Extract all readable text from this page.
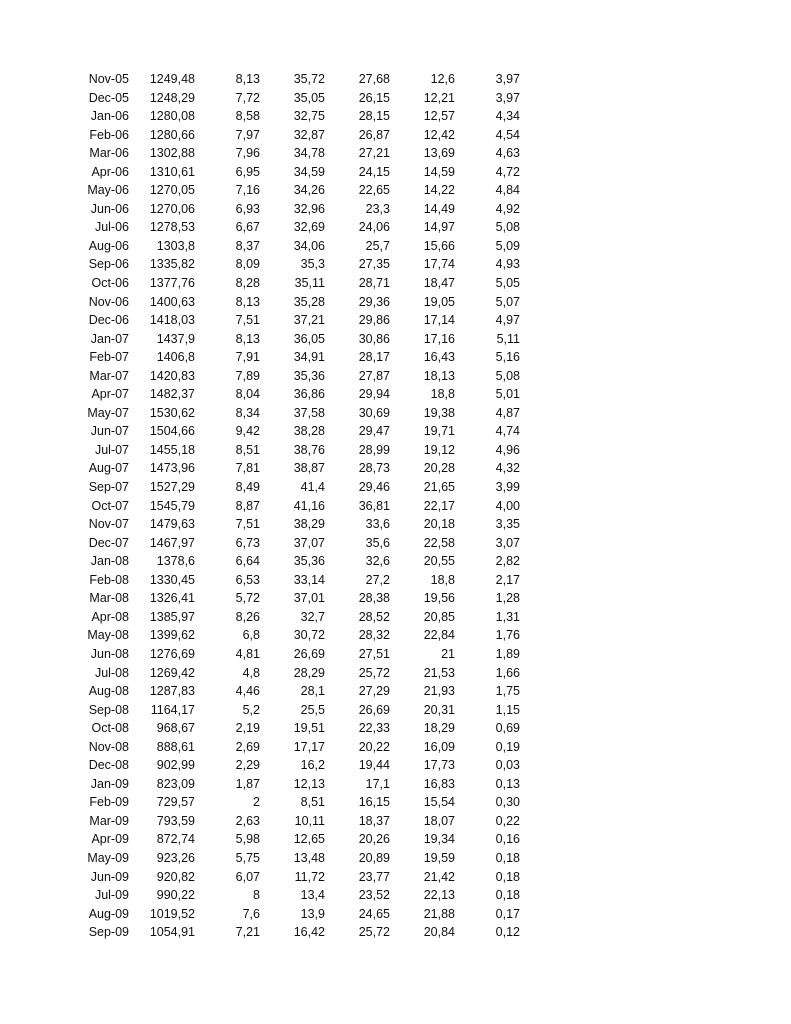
Nov-05	1249,48	8,13	35,72	27,68	12,6	3,97
Dec-05	1248,29	7,72	35,05	26,15	12,21	3,97
Jan-06	1280,08	8,58	32,75	28,15	12,57	4,34
Feb-06	1280,66	7,97	32,87	26,87	12,42	4,54
Mar-06	1302,88	7,96	34,78	27,21	13,69	4,63
Apr-06	1310,61	6,95	34,59	24,15	14,59	4,72
May-06	1270,05	7,16	34,26	22,65	14,22	4,84
Jun-06	1270,06	6,93	32,96	23,3	14,49	4,92
Jul-06	1278,53	6,67	32,69	24,06	14,97	5,08
Aug-06	1303,8	8,37	34,06	25,7	15,66	5,09
Sep-06	1335,82	8,09	35,3	27,35	17,74	4,93
Oct-06	1377,76	8,28	35,11	28,71	18,47	5,05
Nov-06	1400,63	8,13	35,28	29,36	19,05	5,07
Dec-06	1418,03	7,51	37,21	29,86	17,14	4,97
Jan-07	1437,9	8,13	36,05	30,86	17,16	5,11
Feb-07	1406,8	7,91	34,91	28,17	16,43	5,16
Mar-07	1420,83	7,89	35,36	27,87	18,13	5,08
Apr-07	1482,37	8,04	36,86	29,94	18,8	5,01
May-07	1530,62	8,34	37,58	30,69	19,38	4,87
Jun-07	1504,66	9,42	38,28	29,47	19,71	4,74
Jul-07	1455,18	8,51	38,76	28,99	19,12	4,96
Aug-07	1473,96	7,81	38,87	28,73	20,28	4,32
Sep-07	1527,29	8,49	41,4	29,46	21,65	3,99
Oct-07	1545,79	8,87	41,16	36,81	22,17	4,00
Nov-07	1479,63	7,51	38,29	33,6	20,18	3,35
Dec-07	1467,97	6,73	37,07	35,6	22,58	3,07
Jan-08	1378,6	6,64	35,36	32,6	20,55	2,82
Feb-08	1330,45	6,53	33,14	27,2	18,8	2,17
Mar-08	1326,41	5,72	37,01	28,38	19,56	1,28
Apr-08	1385,97	8,26	32,7	28,52	20,85	1,31
May-08	1399,62	6,8	30,72	28,32	22,84	1,76
Jun-08	1276,69	4,81	26,69	27,51	21	1,89
Jul-08	1269,42	4,8	28,29	25,72	21,53	1,66
Aug-08	1287,83	4,46	28,1	27,29	21,93	1,75
Sep-08	1164,17	5,2	25,5	26,69	20,31	1,15
Oct-08	968,67	2,19	19,51	22,33	18,29	0,69
Nov-08	888,61	2,69	17,17	20,22	16,09	0,19
Dec-08	902,99	2,29	16,2	19,44	17,73	0,03
Jan-09	823,09	1,87	12,13	17,1	16,83	0,13
Feb-09	729,57	2	8,51	16,15	15,54	0,30
Mar-09	793,59	2,63	10,11	18,37	18,07	0,22
Apr-09	872,74	5,98	12,65	20,26	19,34	0,16
May-09	923,26	5,75	13,48	20,89	19,59	0,18
Jun-09	920,82	6,07	11,72	23,77	21,42	0,18
Jul-09	990,22	8	13,4	23,52	22,13	0,18
Aug-09	1019,52	7,6	13,9	24,65	21,88	0,17
Sep-09	1054,91	7,21	16,42	25,72	20,84	0,12
